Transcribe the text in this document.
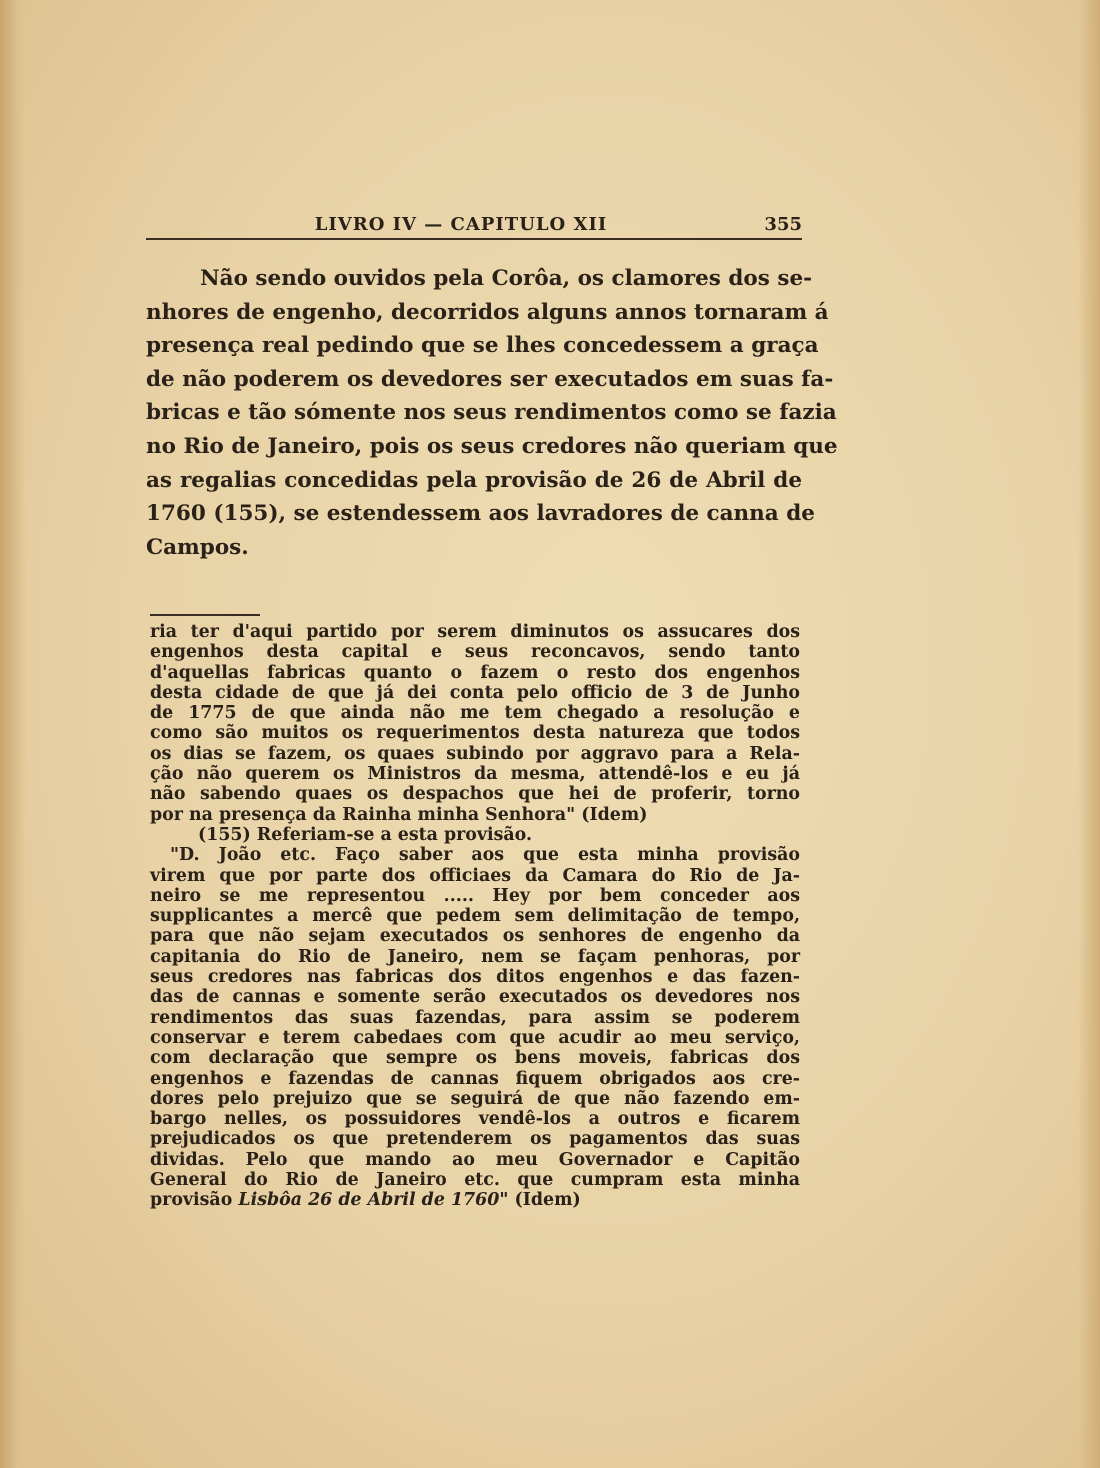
LIVRO IV — CAPITULO XII	355
Não sendo ouvidos pela Corôa, os clamores dos se-
nhores de engenho, decorridos alguns annos tornaram á
presença real pedindo que se lhes concedessem a graça
de não poderem os devedores ser executados em suas fa-
bricas e tão sómente nos seus rendimentos como se fazia
no Rio de Janeiro, pois os seus credores não queriam que
as regalias concedidas pela provisão de 26 de Abril de
1760 (155), se estendessem aos lavradores de canna de
Campos.
ria ter d'aqui partido por serem diminutos os assucares dos
engenhos desta capital e seus reconcavos, sendo tanto
d'aquellas fabricas quanto o fazem o resto dos engenhos
desta cidade de que já dei conta pelo officio de 3 de Junho
de 1775 de que ainda não me tem chegado a resolução e
como são muitos os requerimentos desta natureza que todos
os dias se fazem, os quaes subindo por aggravo para a Rela-
ção não querem os Ministros da mesma, attendê-los e eu já
não sabendo quaes os despachos que hei de proferir, torno
por na presença da Rainha minha Senhora" (Idem)
(155) Referiam-se a esta provisão.
"D. João etc. Faço saber aos que esta minha provisão
virem que por parte dos officiaes da Camara do Rio de Ja-
neiro se me representou ..... Hey por bem conceder aos
supplicantes a mercê que pedem sem delimitação de tempo,
para que não sejam executados os senhores de engenho da
capitania do Rio de Janeiro, nem se façam penhoras, por
seus credores nas fabricas dos ditos engenhos e das fazen-
das de cannas e somente serão executados os devedores nos
rendimentos das suas fazendas, para assim se poderem
conservar e terem cabedaes com que acudir ao meu serviço,
com declaração que sempre os bens moveis, fabricas dos
engenhos e fazendas de cannas fiquem obrigados aos cre-
dores pelo prejuizo que se seguirá de que não fazendo em-
bargo nelles, os possuidores vendê-los a outros e ficarem
prejudicados os que pretenderem os pagamentos das suas
dividas. Pelo que mando ao meu Governador e Capitão
General do Rio de Janeiro etc. que cumpram esta minha
provisão Lisbôa 26 de Abril de 1760" (Idem)
